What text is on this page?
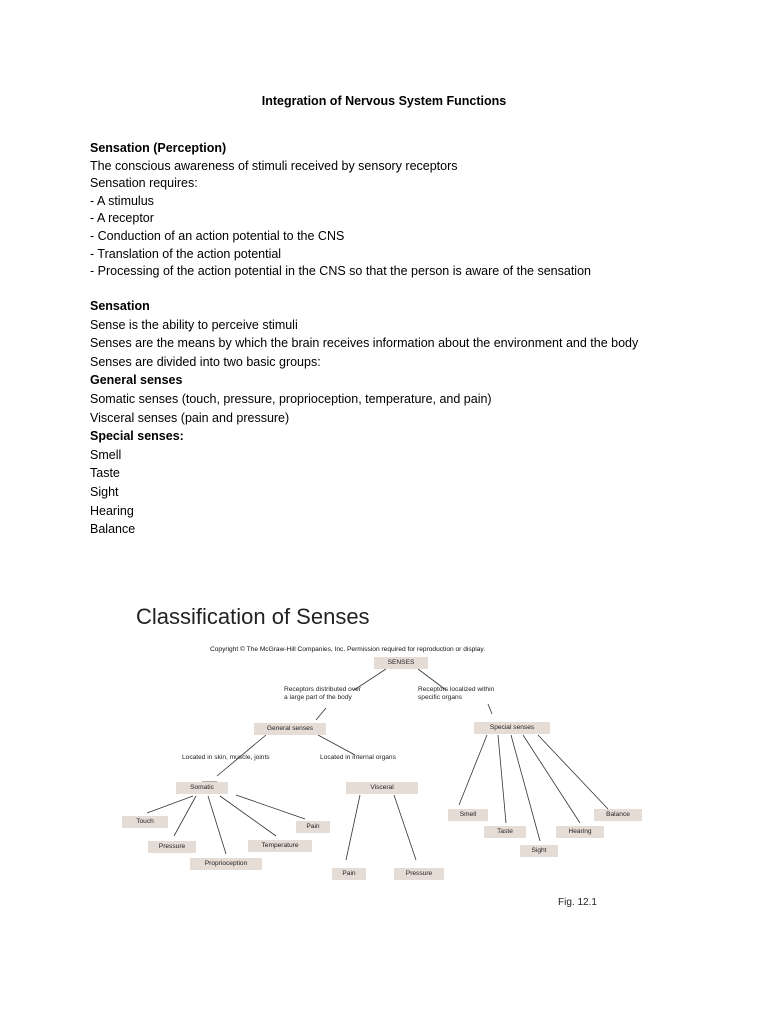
Integration of Nervous System Functions
Sensation (Perception)
The conscious awareness of stimuli received by sensory receptors
Sensation requires:
- A stimulus
- A receptor
- Conduction of an action potential to the CNS
- Translation of the action potential
- Processing of the action potential in the CNS so that the person is aware of the sensation
Sensation
Sense is the ability to perceive stimuli
Senses are the means by which the brain receives information about the environment and the body
Senses are divided into two basic groups:
General senses
Somatic senses (touch, pressure, proprioception, temperature, and pain)
Visceral senses (pain and pressure)
Special senses:
Smell
Taste
Sight
Hearing
Balance
Classification of Senses
Copyright © The McGraw-Hill Companies, Inc. Permission required for reproduction or display.
SENSES
Receptors distributed over
a large part of the body
Receptors localized within
specific organs
General senses	Special senses
Located in skin, muscle, joints	Located in internal organs
Somatic	Visceral
Touch
Pressure
Proprioception
Temperature
Pain
Pain	Pressure
Smell
Taste
Sight
Hearing
Balance
Fig. 12.1
